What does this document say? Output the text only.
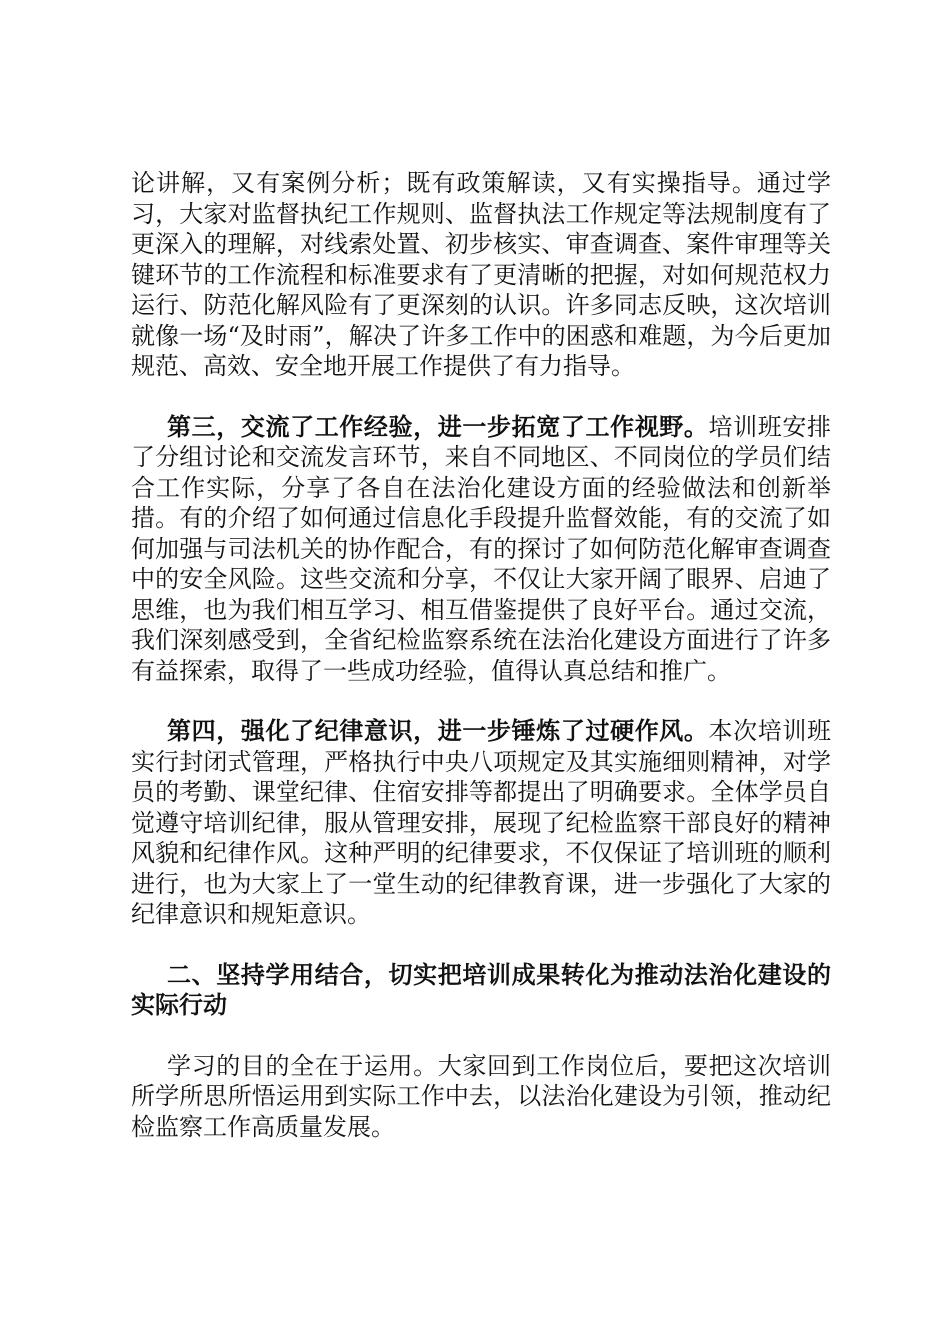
论讲解，又有案例分析；既有政策解读，又有实操指导。通过学习，大家对监督执纪工作规则、监督执法工作规定等法规制度有了更深入的理解，对线索处置、初步核实、审查调查、案件审理等关键环节的工作流程和标准要求有了更清晰的把握，对如何规范权力运行、防范化解风险有了更深刻的认识。许多同志反映，这次培训就像一场“及时雨”，解决了许多工作中的困惑和难题，为今后更加规范、高效、安全地开展工作提供了有力指导。

第三，交流了工作经验，进一步拓宽了工作视野。培训班安排了分组讨论和交流发言环节，来自不同地区、不同岗位的学员们结合工作实际，分享了各自在法治化建设方面的经验做法和创新举措。有的介绍了如何通过信息化手段提升监督效能，有的交流了如何加强与司法机关的协作配合，有的探讨了如何防范化解审查调查中的安全风险。这些交流和分享，不仅让大家开阔了眼界、启迪了思维，也为我们相互学习、相互借鉴提供了良好平台。通过交流，我们深刻感受到，全省纪检监察系统在法治化建设方面进行了许多有益探索，取得了一些成功经验，值得认真总结和推广。

第四，强化了纪律意识，进一步锤炼了过硬作风。本次培训班实行封闭式管理，严格执行中央八项规定及其实施细则精神，对学员的考勤、课堂纪律、住宿安排等都提出了明确要求。全体学员自觉遵守培训纪律，服从管理安排，展现了纪检监察干部良好的精神风貌和纪律作风。这种严明的纪律要求，不仅保证了培训班的顺利进行，也为大家上了一堂生动的纪律教育课，进一步强化了大家的纪律意识和规矩意识。

二、坚持学用结合，切实把培训成果转化为推动法治化建设的实际行动

学习的目的全在于运用。大家回到工作岗位后，要把这次培训所学所思所悟运用到实际工作中去，以法治化建设为引领，推动纪检监察工作高质量发展。
